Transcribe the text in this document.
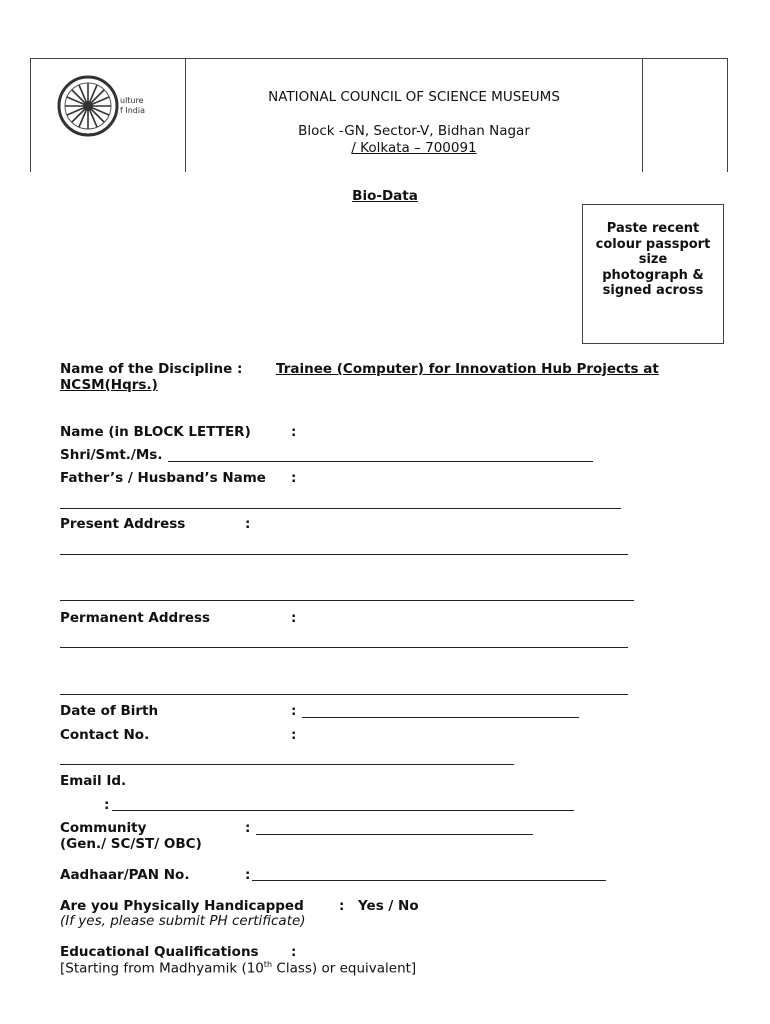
ulture
f India
NATIONAL COUNCIL OF SCIENCE MUSEUMS
Block -GN, Sector-V, Bidhan Nagar
/ Kolkata – 700091
Bio-Data
Paste recent
colour passport
size
photograph &
signed across
Name of the Discipline : Trainee (Computer) for Innovation Hub Projects at
NCSM(Hqrs.)
Name (in BLOCK LETTER)	:
Shri/Smt./Ms.
Father’s / Husband’s Name :
Present Address	:
Permanent Address	:
Date of Birth	:
Contact No.	:
Email Id.
:
Community
(Gen./ SC/ST/ OBC)
:
Aadhaar/PAN No.	:
Are you Physically Handicapped	: Yes / No
(If yes, please submit PH certificate)
Educational Qualifications :
[Starting from Madhyamik (10th Class) or equivalent]
